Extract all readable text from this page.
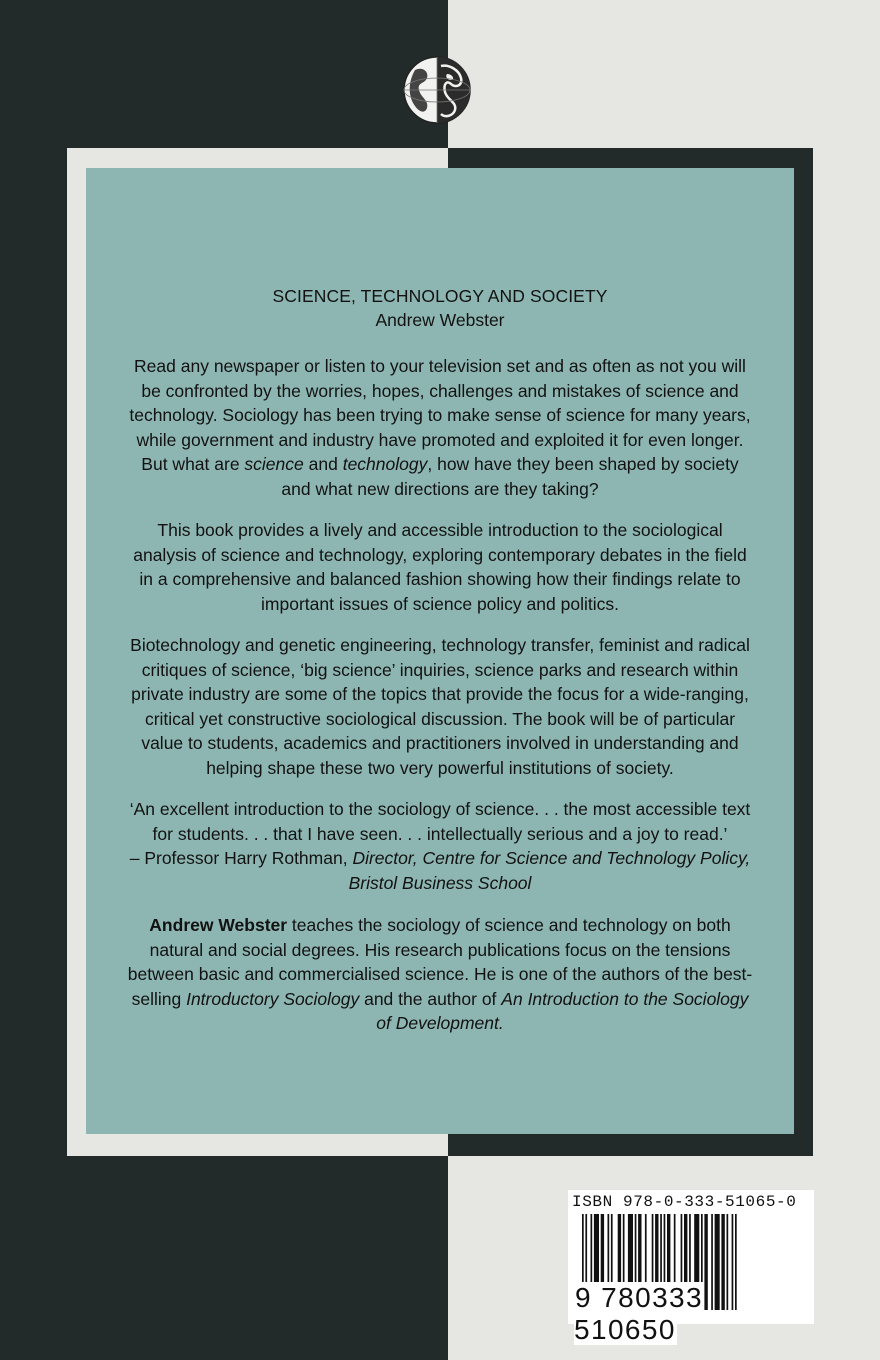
SCIENCE, TECHNOLOGY AND SOCIETY
Andrew Webster

Read any newspaper or listen to your television set and as often as not you will be confronted by the worries, hopes, challenges and mistakes of science and technology. Sociology has been trying to make sense of science for many years, while government and industry have promoted and exploited it for even longer. But what are science and technology, how have they been shaped by society and what new directions are they taking?

This book provides a lively and accessible introduction to the sociological analysis of science and technology, exploring contemporary debates in the field in a comprehensive and balanced fashion showing how their findings relate to important issues of science policy and politics.

Biotechnology and genetic engineering, technology transfer, feminist and radical critiques of science, ‘big science’ inquiries, science parks and research within private industry are some of the topics that provide the focus for a wide-ranging, critical yet constructive sociological discussion. The book will be of particular value to students, academics and practitioners involved in understanding and helping shape these two very powerful institutions of society.

‘An excellent introduction to the sociology of science. . . the most accessible text for students. . . that I have seen. . . intellectually serious and a joy to read.’
– Professor Harry Rothman, Director, Centre for Science and Technology Policy, Bristol Business School

Andrew Webster teaches the sociology of science and technology on both natural and social degrees. His research publications focus on the tensions between basic and commercialised science. He is one of the authors of the best-selling Introductory Sociology and the author of An Introduction to the Sociology of Development.

ISBN 978-0-333-51065-0
9 780333 510650
